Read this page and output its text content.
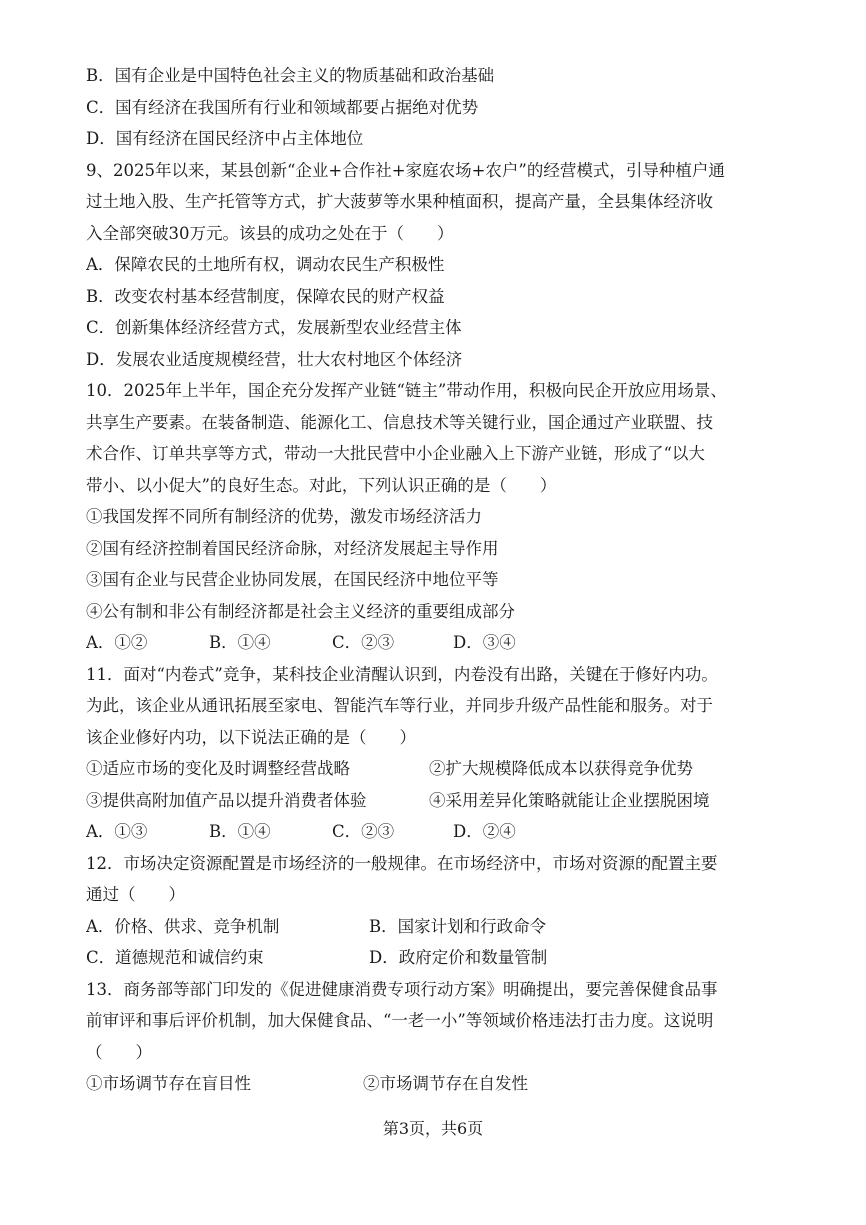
B．国有企业是中国特色社会主义的物质基础和政治基础
C．国有经济在我国所有行业和领域都要占据绝对优势
D．国有经济在国民经济中占主体地位
9、2025年以来，某县创新“企业+合作社+家庭农场+农户”的经营模式，引导种植户通
过土地入股、生产托管等方式，扩大菠萝等水果种植面积，提高产量，全县集体经济收
入全部突破30万元。该县的成功之处在于（　　）
A．保障农民的土地所有权，调动农民生产积极性
B．改变农村基本经营制度，保障农民的财产权益
C．创新集体经济经营方式，发展新型农业经营主体
D．发展农业适度规模经营，壮大农村地区个体经济
10．2025年上半年，国企充分发挥产业链“链主”带动作用，积极向民企开放应用场景、
共享生产要素。在装备制造、能源化工、信息技术等关键行业，国企通过产业联盟、技
术合作、订单共享等方式，带动一大批民营中小企业融入上下游产业链，形成了“以大
带小、以小促大”的良好生态。对此，下列认识正确的是（　　）
①我国发挥不同所有制经济的优势，激发市场经济活力
②国有经济控制着国民经济命脉，对经济发展起主导作用
③国有企业与民营企业协同发展，在国民经济中地位平等
④公有制和非公有制经济都是社会主义经济的重要组成部分
A．①②	B．①④	C．②③	D．③④
11．面对“内卷式”竞争，某科技企业清醒认识到，内卷没有出路，关键在于修好内功。
为此，该企业从通讯拓展至家电、智能汽车等行业，并同步升级产品性能和服务。对于
该企业修好内功，以下说法正确的是（　　）
①适应市场的变化及时调整经营战略	②扩大规模降低成本以获得竞争优势
③提供高附加值产品以提升消费者体验	④采用差异化策略就能让企业摆脱困境
A．①③	B．①④	C．②③	D．②④
12．市场决定资源配置是市场经济的一般规律。在市场经济中，市场对资源的配置主要
通过（　　）
A．价格、供求、竞争机制	B．国家计划和行政命令
C．道德规范和诚信约束	D．政府定价和数量管制
13．商务部等部门印发的《促进健康消费专项行动方案》明确提出，要完善保健食品事
前审评和事后评价机制，加大保健食品、“一老一小”等领域价格违法打击力度。这说明
（　　）
①市场调节存在盲目性	②市场调节存在自发性
第3页，共6页
